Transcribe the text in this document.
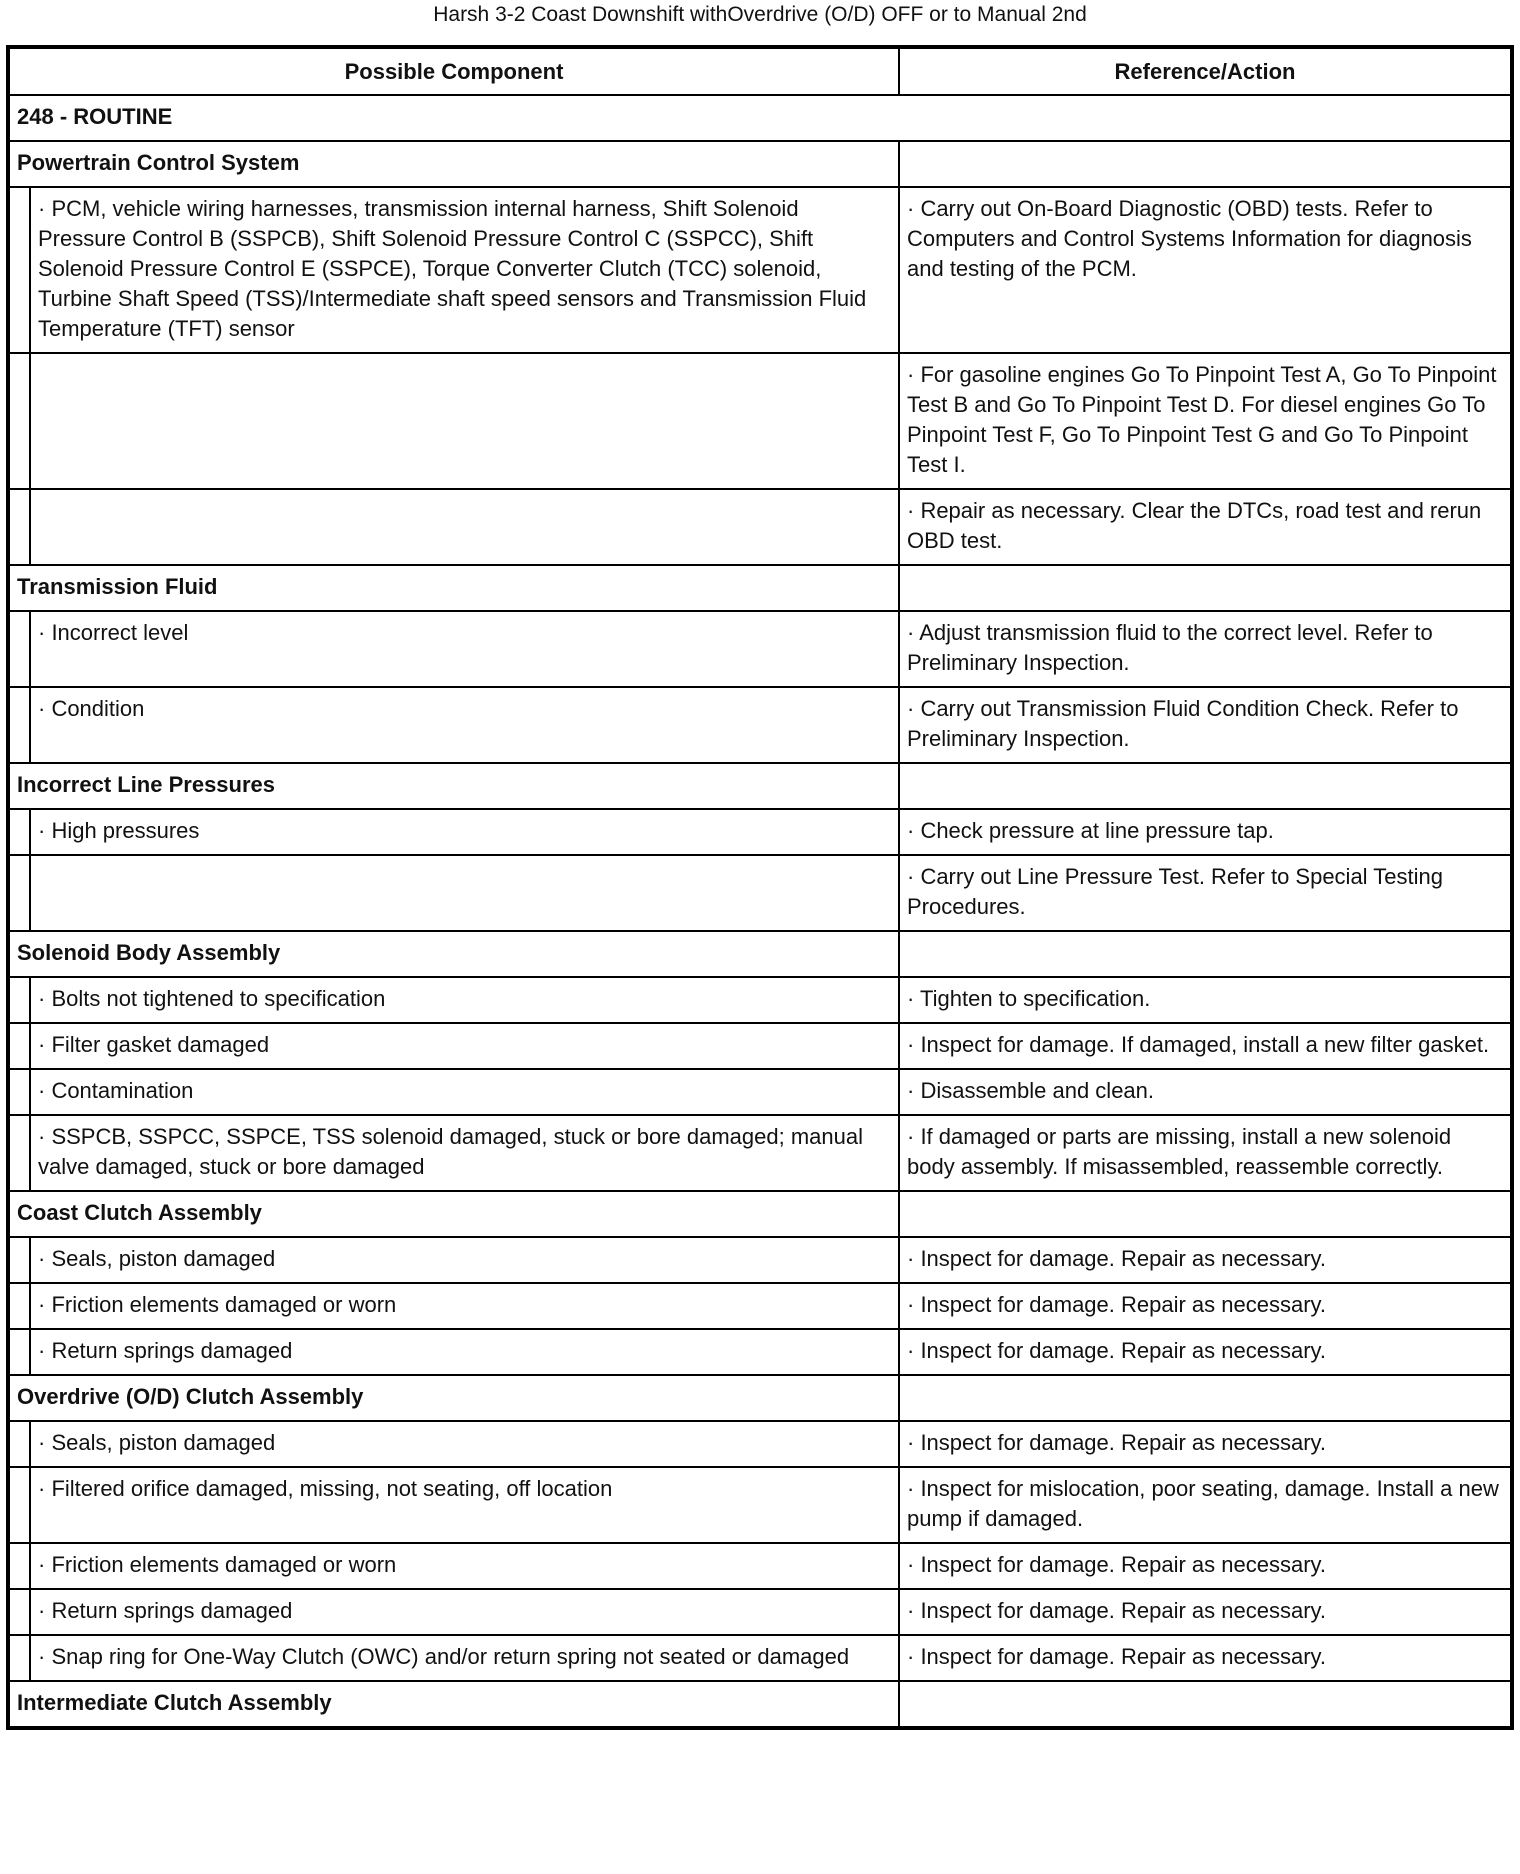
Harsh 3-2 Coast Downshift withOverdrive (O/D) OFF or to Manual 2nd
Possible Component		Reference/Action
248 - ROUTINE		
Powertrain Control System		
	· PCM, vehicle wiring harnesses, transmission internal harness, Shift Solenoid Pressure Control B (SSPCB), Shift Solenoid Pressure Control C (SSPCC), Shift Solenoid Pressure Control E (SSPCE), Torque Converter Clutch (TCC) solenoid, Turbine Shaft Speed (TSS)/Intermediate shaft speed sensors and Transmission Fluid Temperature (TFT) sensor	· Carry out On-Board Diagnostic (OBD) tests. Refer to Computers and Control Systems Information for diagnosis and testing of the PCM.
		· For gasoline engines Go To Pinpoint Test A, Go To Pinpoint Test B and Go To Pinpoint Test D. For diesel engines Go To Pinpoint Test F, Go To Pinpoint Test G and Go To Pinpoint Test I.
		· Repair as necessary. Clear the DTCs, road test and rerun OBD test.
Transmission Fluid		
	· Incorrect level	· Adjust transmission fluid to the correct level. Refer to Preliminary Inspection.
	· Condition	· Carry out Transmission Fluid Condition Check. Refer to Preliminary Inspection.
Incorrect Line Pressures		
	· High pressures	· Check pressure at line pressure tap.
		· Carry out Line Pressure Test. Refer to Special Testing Procedures.
Solenoid Body Assembly		
	· Bolts not tightened to specification	· Tighten to specification.
	· Filter gasket damaged	· Inspect for damage. If damaged, install a new filter gasket.
	· Contamination	· Disassemble and clean.
	· SSPCB, SSPCC, SSPCE, TSS solenoid damaged, stuck or bore damaged; manual valve damaged, stuck or bore damaged	· If damaged or parts are missing, install a new solenoid body assembly. If misassembled, reassemble correctly.
Coast Clutch Assembly		
	· Seals, piston damaged	· Inspect for damage. Repair as necessary.
	· Friction elements damaged or worn	· Inspect for damage. Repair as necessary.
	· Return springs damaged	· Inspect for damage. Repair as necessary.
Overdrive (O/D) Clutch Assembly		
	· Seals, piston damaged	· Inspect for damage. Repair as necessary.
	· Filtered orifice damaged, missing, not seating, off location	· Inspect for mislocation, poor seating, damage. Install a new pump if damaged.
	· Friction elements damaged or worn	· Inspect for damage. Repair as necessary.
	· Return springs damaged	· Inspect for damage. Repair as necessary.
	· Snap ring for One-Way Clutch (OWC) and/or return spring not seated or damaged	· Inspect for damage. Repair as necessary.
Intermediate Clutch Assembly		
